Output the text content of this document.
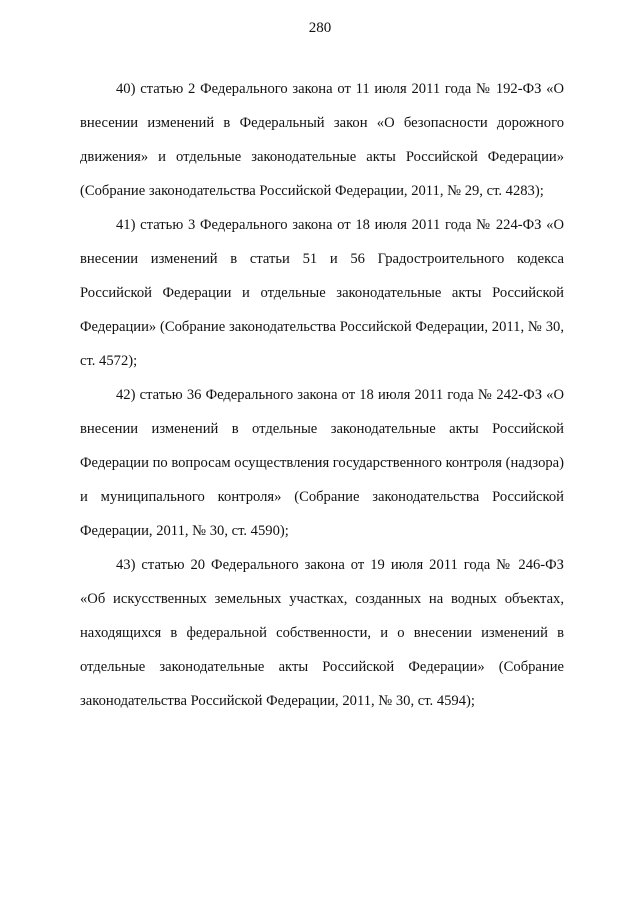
280

40) статью 2 Федерального закона от 11 июля 2011 года № 192-ФЗ «О внесении изменений в Федеральный закон «О безопасности дорожного движения» и отдельные законодательные акты Российской Федерации» (Собрание законодательства Российской Федерации, 2011, № 29, ст. 4283);

41) статью 3 Федерального закона от 18 июля 2011 года № 224-ФЗ «О внесении изменений в статьи 51 и 56 Градостроительного кодекса Российской Федерации и отдельные законодательные акты Российской Федерации» (Собрание законодательства Российской Федерации, 2011, № 30, ст. 4572);

42) статью 36 Федерального закона от 18 июля 2011 года № 242-ФЗ «О внесении изменений в отдельные законодательные акты Российской Федерации по вопросам осуществления государственного контроля (надзора) и муниципального контроля» (Собрание законодательства Российской Федерации, 2011, № 30, ст. 4590);

43) статью 20 Федерального закона от 19 июля 2011 года № 246-ФЗ «Об искусственных земельных участках, созданных на водных объектах, находящихся в федеральной собственности, и о внесении изменений в отдельные законодательные акты Российской Федерации» (Собрание законодательства Российской Федерации, 2011, № 30, ст. 4594);
